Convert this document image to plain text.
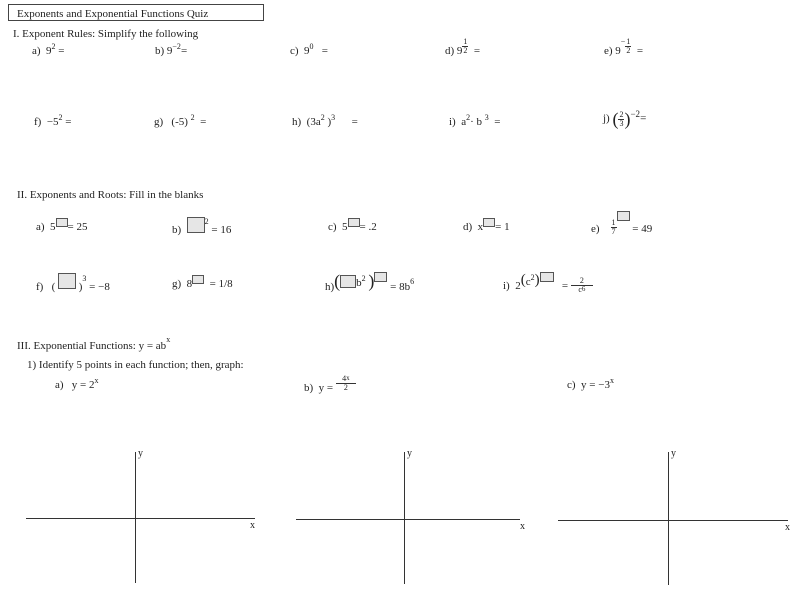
Exponents and Exponential Functions Quiz
I. Exponent Rules: Simplify the following
a) $9^2$ =	b) $9^{-2}=$	c) $9^0$ =	d) $9 \frac{1}{2}$ =	e) $9^- \frac{1}{2}$ =
$f) -5^2$ =	g) (-5) $^2$ =	h) ($3a^2$ )$^3$ =	i) $a^2\cdot b$ $^3$ =	j) ( $\frac{2}{3} )^{-2}=$
II. Exponents and Roots: Fill in the blanks
a) 5 = 25	b)  $^2$ = 16	c) 5 = .2	d) x = 1	$e) \frac{1}{7} = 49$
f) ( )$^3$ = −8	g) 8 = 1/8	h)( $b^2$ ) = 8b6	i) $2(c^2) = \frac{2}{c6}$
III. Exponential Functions: $y = ab^x$
1) Identify 5 points in each function; then, graph:
a) $y = 2^x$
b) $y = \frac{4x}{2}$	c) $y = -3^x$
y
x
y
x
y
x
